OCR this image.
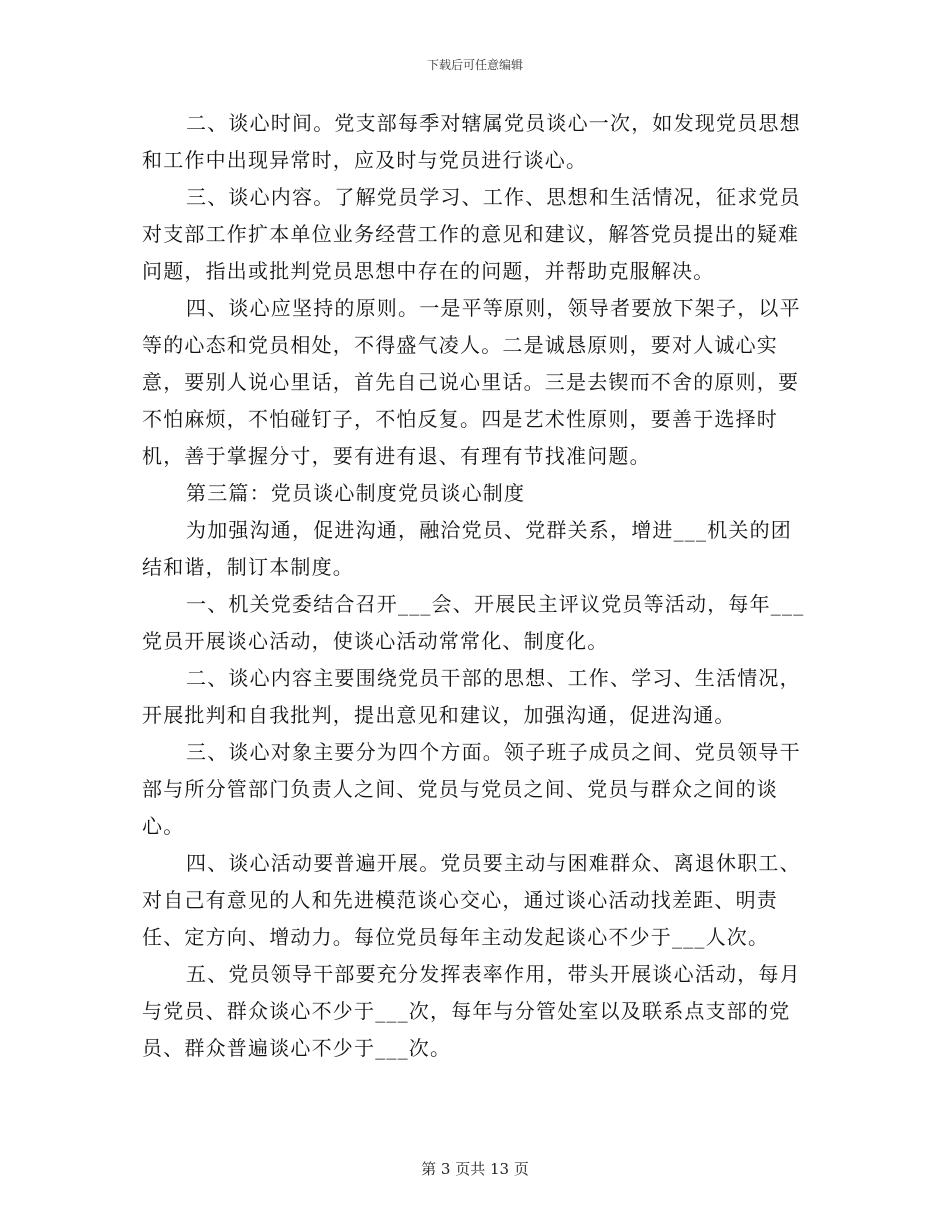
下载后可任意编辑

二、谈心时间。党支部每季对辖属党员谈心一次，如发现党员思想和工作中出现异常时，应及时与党员进行谈心。

三、谈心内容。了解党员学习、工作、思想和生活情况，征求党员对支部工作扩本单位业务经营工作的意见和建议，解答党员提出的疑难问题，指出或批判党员思想中存在的问题，并帮助克服解决。

四、谈心应坚持的原则。一是平等原则，领导者要放下架子，以平等的心态和党员相处，不得盛气凌人。二是诚恳原则，要对人诚心实意，要别人说心里话，首先自己说心里话。三是去锲而不舍的原则，要不怕麻烦，不怕碰钉子，不怕反复。四是艺术性原则，要善于选择时机，善于掌握分寸，要有进有退、有理有节找准问题。

第三篇：党员谈心制度党员谈心制度

为加强沟通，促进沟通，融洽党员、党群关系，增进___机关的团结和谐，制订本制度。

一、机关党委结合召开___会、开展民主评议党员等活动，每年___党员开展谈心活动，使谈心活动常常化、制度化。

二、谈心内容主要围绕党员干部的思想、工作、学习、生活情况，开展批判和自我批判，提出意见和建议，加强沟通，促进沟通。

三、谈心对象主要分为四个方面。领子班子成员之间、党员领导干部与所分管部门负责人之间、党员与党员之间、党员与群众之间的谈心。

四、谈心活动要普遍开展。党员要主动与困难群众、离退休职工、对自己有意见的人和先进模范谈心交心，通过谈心活动找差距、明责任、定方向、增动力。每位党员每年主动发起谈心不少于___人次。

五、党员领导干部要充分发挥表率作用，带头开展谈心活动，每月与党员、群众谈心不少于___次，每年与分管处室以及联系点支部的党员、群众普遍谈心不少于___次。

第 3 页共 13 页
